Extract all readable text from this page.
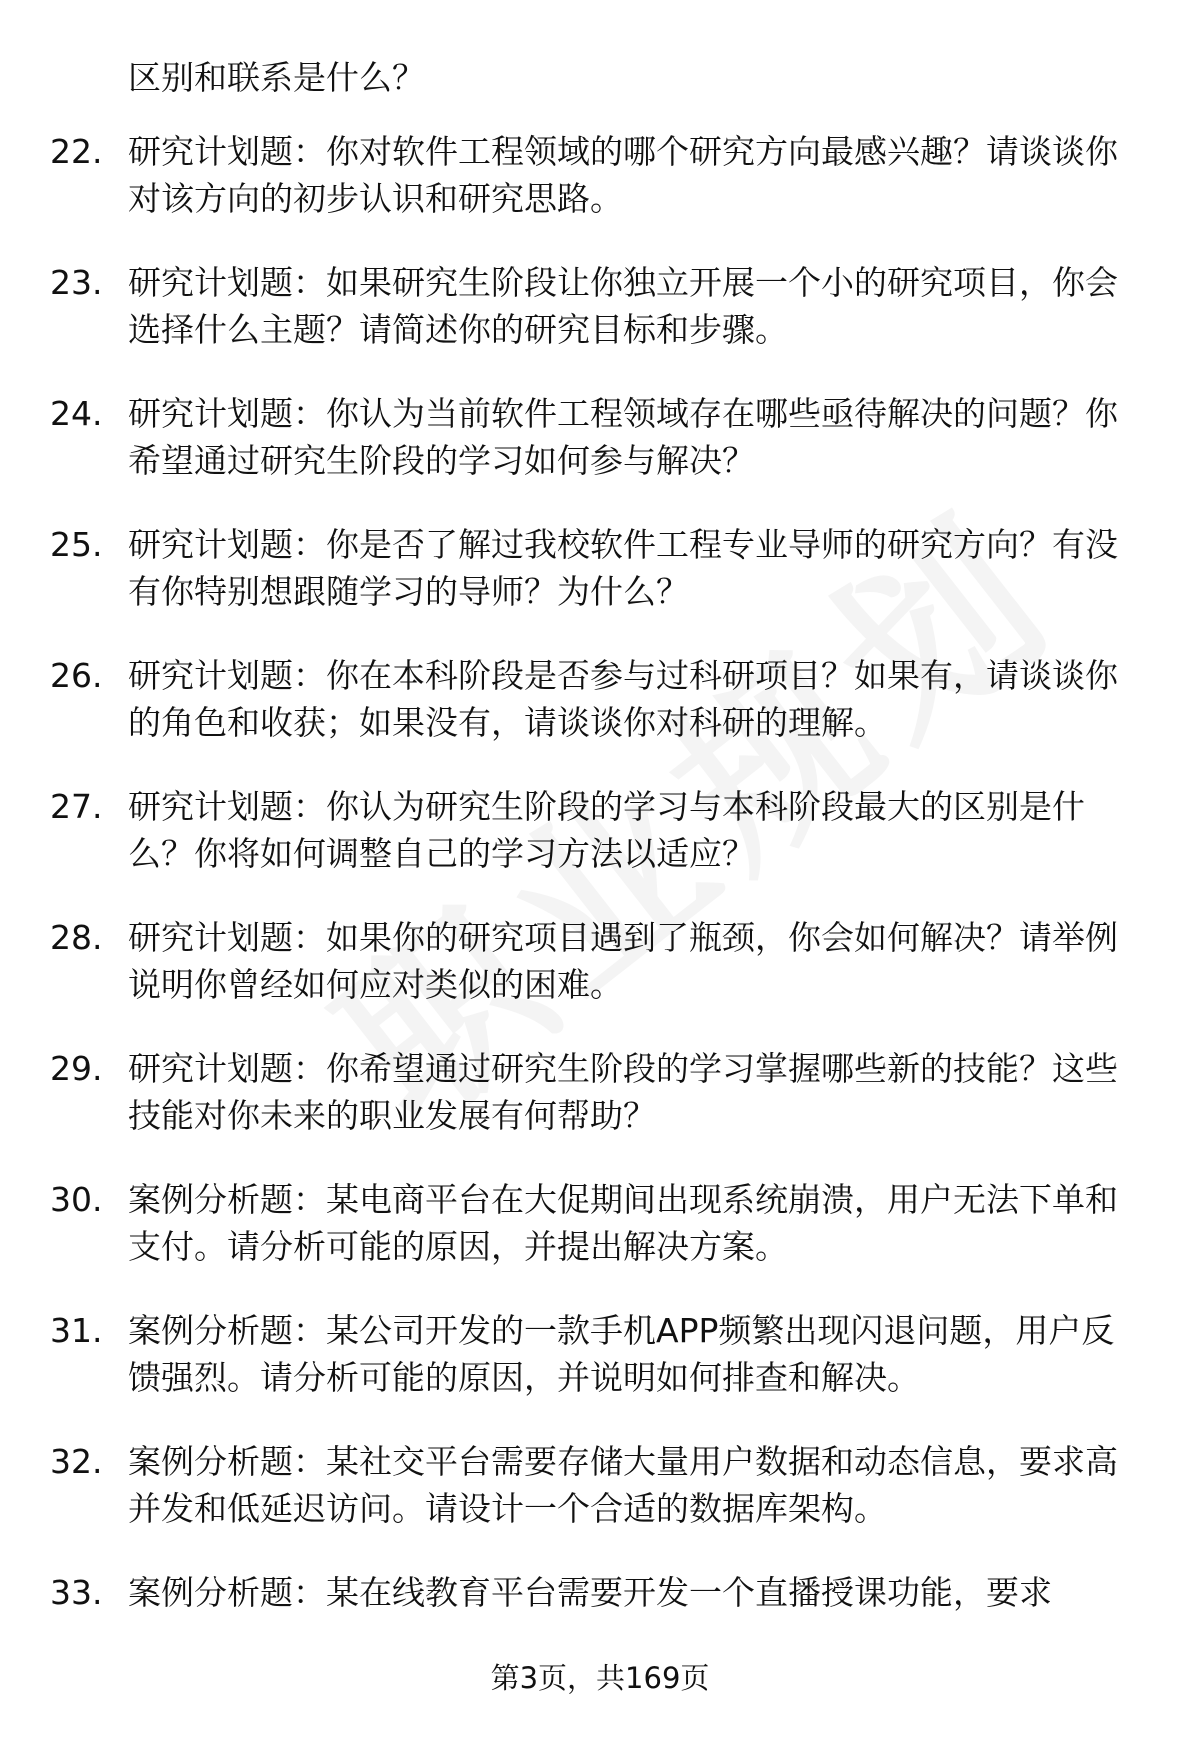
区别和联系是什么？

22. 研究计划题：你对软件工程领域的哪个研究方向最感兴趣？请谈谈你对该方向的初步认识和研究思路。
23. 研究计划题：如果研究生阶段让你独立开展一个小的研究项目，你会选择什么主题？请简述你的研究目标和步骤。
24. 研究计划题：你认为当前软件工程领域存在哪些亟待解决的问题？你希望通过研究生阶段的学习如何参与解决？
25. 研究计划题：你是否了解过我校软件工程专业导师的研究方向？有没有你特别想跟随学习的导师？为什么？
26. 研究计划题：你在本科阶段是否参与过科研项目？如果有，请谈谈你的角色和收获；如果没有，请谈谈你对科研的理解。
27. 研究计划题：你认为研究生阶段的学习与本科阶段最大的区别是什么？你将如何调整自己的学习方法以适应？
28. 研究计划题：如果你的研究项目遇到了瓶颈，你会如何解决？请举例说明你曾经如何应对类似的困难。
29. 研究计划题：你希望通过研究生阶段的学习掌握哪些新的技能？这些技能对你未来的职业发展有何帮助？
30. 案例分析题：某电商平台在大促期间出现系统崩溃，用户无法下单和支付。请分析可能的原因，并提出解决方案。
31. 案例分析题：某公司开发的一款手机APP频繁出现闪退问题，用户反馈强烈。请分析可能的原因，并说明如何排查和解决。
32. 案例分析题：某社交平台需要存储大量用户数据和动态信息，要求高并发和低延迟访问。请设计一个合适的数据库架构。
33. 案例分析题：某在线教育平台需要开发一个直播授课功能，要求
第3页，共169页
